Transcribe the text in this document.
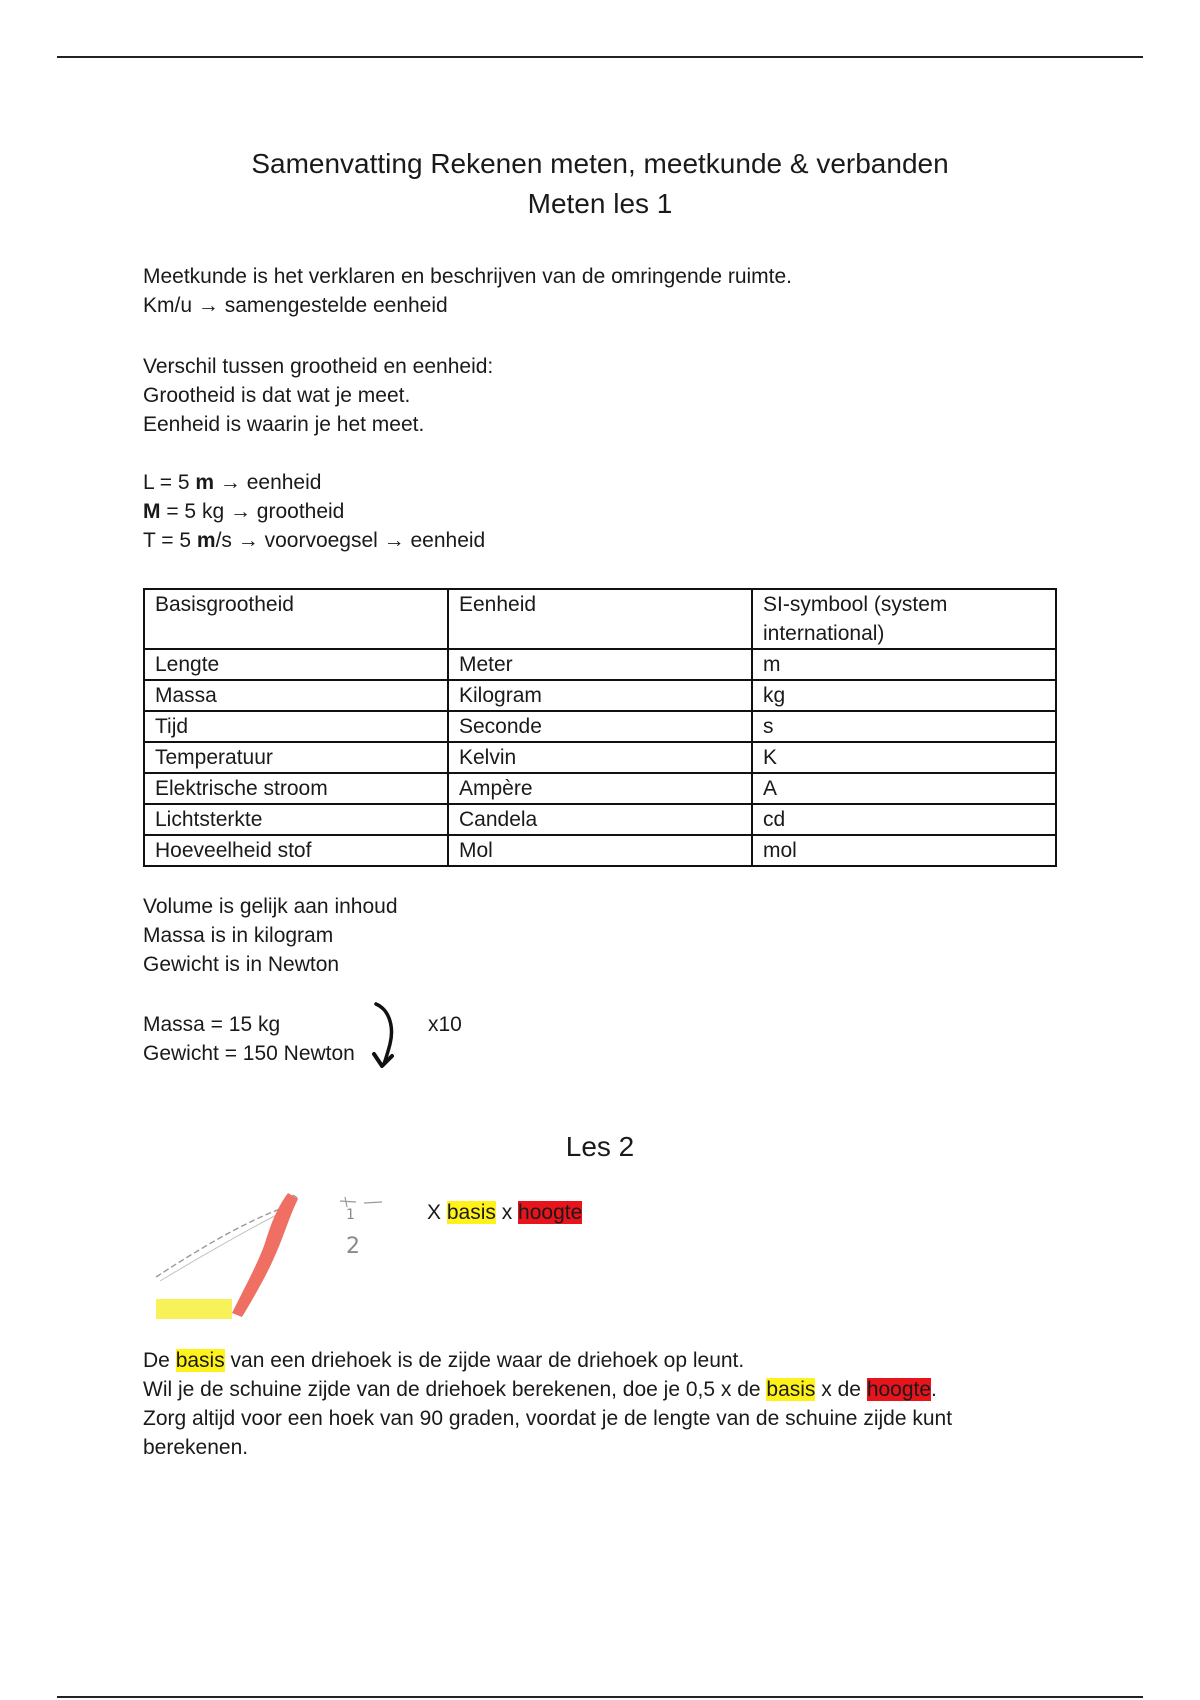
Samenvatting Rekenen meten, meetkunde & verbanden
Meten les 1
Meetkunde is het verklaren en beschrijven van de omringende ruimte.
Km/u → samengestelde eenheid
Verschil tussen grootheid en eenheid:
Grootheid is dat wat je meet.
Eenheid is waarin je het meet.
L = 5 m → eenheid
M = 5 kg → grootheid
T = 5 m/s → voorvoegsel → eenheid
Basisgrootheid	Eenheid	SI-symbool (system international)
Lengte	Meter	m
Massa	Kilogram	kg
Tijd	Seconde	s
Temperatuur	Kelvin	K
Elektrische stroom	Ampère	A
Lichtsterkte	Candela	cd
Hoeveelheid stof	Mol	mol
Volume is gelijk aan inhoud
Massa is in kilogram
Gewicht is in Newton
Massa = 15 kg
Gewicht = 150 Newton
x10
Les 2
2
1	X basis x hoogte
De basis van een driehoek is de zijde waar de driehoek op leunt.
Wil je de schuine zijde van de driehoek berekenen, doe je 0,5 x de basis x de hoogte.
Zorg altijd voor een hoek van 90 graden, voordat je de lengte van de schuine zijde kunt
berekenen.
